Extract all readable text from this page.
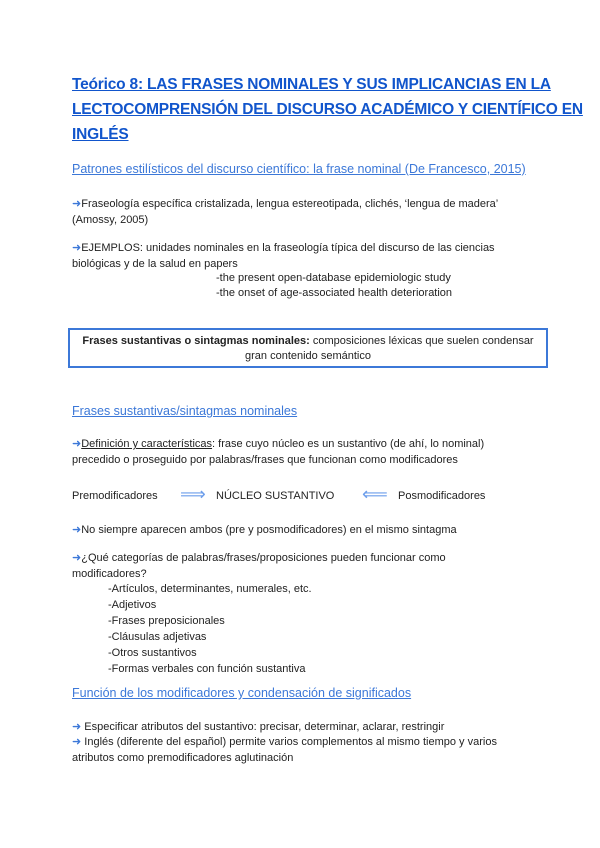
Teórico 8: LAS FRASES NOMINALES Y SUS IMPLICANCIAS EN LA
LECTOCOMPRENSIÓN DEL DISCURSO ACADÉMICO Y CIENTÍFICO EN
INGLÉS
Patrones estilísticos del discurso científico: la frase nominal (De Francesco, 2015)
➜Fraseología específica cristalizada, lengua estereotipada, clichés, ‘lengua de madera’
(Amossy, 2005)
➜EJEMPLOS: unidades nominales en la fraseología típica del discurso de las ciencias
biológicas y de la salud en papers
-the present open-database epidemiologic study
-the onset of age-associated health deterioration
Frases sustantivas o sintagmas nominales: composiciones léxicas que suelen condensar
gran contenido semántico
Frases sustantivas/sintagmas nominales
➜Definición y características: frase cuyo núcleo es un sustantivo (de ahí, lo nominal)
precedido o proseguido por palabras/frases que funcionan como modificadores
Premodificadores ⟹ NÚCLEO SUSTANTIVO ⟸ Posmodificadores
➜No siempre aparecen ambos (pre y posmodificadores) en el mismo sintagma
➜¿Qué categorías de palabras/frases/proposiciones pueden funcionar como
modificadores?
-Artículos, determinantes, numerales, etc.
-Adjetivos
-Frases preposicionales
-Cláusulas adjetivas
-Otros sustantivos
-Formas verbales con función sustantiva
Función de los modificadores y condensación de significados
➜ Especificar atributos del sustantivo: precisar, determinar, aclarar, restringir
➜ Inglés (diferente del español) permite varios complementos al mismo tiempo y varios
atributos como premodificadores aglutinación
